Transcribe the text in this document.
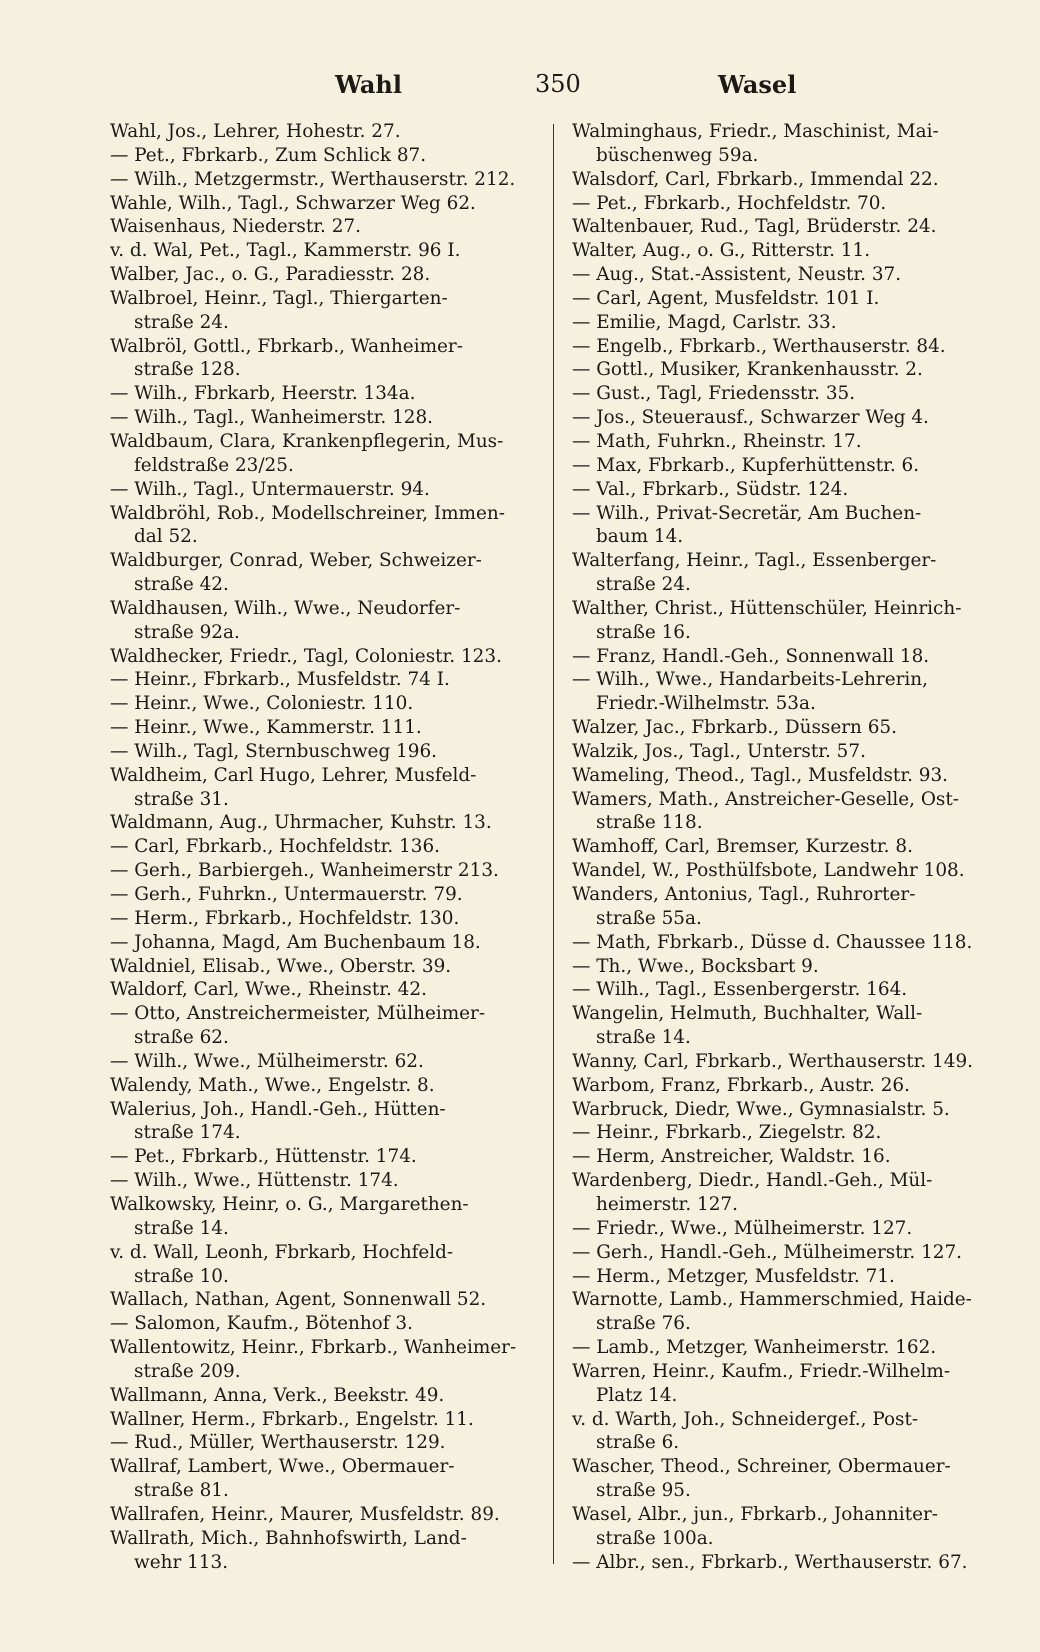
Wahl	350	Wasel
Wahl, Jos., Lehrer, Hohestr. 27.
— Pet., Fbrkarb., Zum Schlick 87.
— Wilh., Metzgermstr., Werthauserstr. 212.
Wahle, Wilh., Tagl., Schwarzer Weg 62.
Waisenhaus, Niederstr. 27.
v. d. Wal, Pet., Tagl., Kammerstr. 96 I.
Walber, Jac., o. G., Paradiesstr. 28.
Walbroel, Heinr., Tagl., Thiergarten-
straße 24.
Walbröl, Gottl., Fbrkarb., Wanheimer-
straße 128.
— Wilh., Fbrkarb, Heerstr. 134a.
— Wilh., Tagl., Wanheimerstr. 128.
Waldbaum, Clara, Krankenpflegerin, Mus-
feldstraße 23/25.
— Wilh., Tagl., Untermauerstr. 94.
Waldbröhl, Rob., Modellschreiner, Immen-
dal 52.
Waldburger, Conrad, Weber, Schweizer-
straße 42.
Waldhausen, Wilh., Wwe., Neudorfer-
straße 92a.
Waldhecker, Friedr., Tagl, Coloniestr. 123.
— Heinr., Fbrkarb., Musfeldstr. 74 I.
— Heinr., Wwe., Coloniestr. 110.
— Heinr., Wwe., Kammerstr. 111.
— Wilh., Tagl, Sternbuschweg 196.
Waldheim, Carl Hugo, Lehrer, Musfeld-
straße 31.
Waldmann, Aug., Uhrmacher, Kuhstr. 13.
— Carl, Fbrkarb., Hochfeldstr. 136.
— Gerh., Barbiergeh., Wanheimerstr 213.
— Gerh., Fuhrkn., Untermauerstr. 79.
— Herm., Fbrkarb., Hochfeldstr. 130.
— Johanna, Magd, Am Buchenbaum 18.
Waldniel, Elisab., Wwe., Oberstr. 39.
Waldorf, Carl, Wwe., Rheinstr. 42.
— Otto, Anstreichermeister, Mülheimer-
straße 62.
— Wilh., Wwe., Mülheimerstr. 62.
Walendy, Math., Wwe., Engelstr. 8.
Walerius, Joh., Handl.-Geh., Hütten-
straße 174.
— Pet., Fbrkarb., Hüttenstr. 174.
— Wilh., Wwe., Hüttenstr. 174.
Walkowsky, Heinr, o. G., Margarethen-
straße 14.
v. d. Wall, Leonh, Fbrkarb, Hochfeld-
straße 10.
Wallach, Nathan, Agent, Sonnenwall 52.
— Salomon, Kaufm., Bötenhof 3.
Wallentowitz, Heinr., Fbrkarb., Wanheimer-
straße 209.
Wallmann, Anna, Verk., Beekstr. 49.
Wallner, Herm., Fbrkarb., Engelstr. 11.
— Rud., Müller, Werthauserstr. 129.
Wallraf, Lambert, Wwe., Obermauer-
straße 81.
Wallrafen, Heinr., Maurer, Musfeldstr. 89.
Wallrath, Mich., Bahnhofswirth, Land-
wehr 113.
Walminghaus, Friedr., Maschinist, Mai-
büschenweg 59a.
Walsdorf, Carl, Fbrkarb., Immendal 22.
— Pet., Fbrkarb., Hochfeldstr. 70.
Waltenbauer, Rud., Tagl, Brüderstr. 24.
Walter, Aug., o. G., Ritterstr. 11.
— Aug., Stat.-Assistent, Neustr. 37.
— Carl, Agent, Musfeldstr. 101 I.
— Emilie, Magd, Carlstr. 33.
— Engelb., Fbrkarb., Werthauserstr. 84.
— Gottl., Musiker, Krankenhausstr. 2.
— Gust., Tagl, Friedensstr. 35.
— Jos., Steuerausf., Schwarzer Weg 4.
— Math, Fuhrkn., Rheinstr. 17.
— Max, Fbrkarb., Kupferhüttenstr. 6.
— Val., Fbrkarb., Südstr. 124.
— Wilh., Privat-Secretär, Am Buchen-
baum 14.
Walterfang, Heinr., Tagl., Essenberger-
straße 24.
Walther, Christ., Hüttenschüler, Heinrich-
straße 16.
— Franz, Handl.-Geh., Sonnenwall 18.
— Wilh., Wwe., Handarbeits-Lehrerin,
Friedr.-Wilhelmstr. 53a.
Walzer, Jac., Fbrkarb., Düssern 65.
Walzik, Jos., Tagl., Unterstr. 57.
Wameling, Theod., Tagl., Musfeldstr. 93.
Wamers, Math., Anstreicher-Geselle, Ost-
straße 118.
Wamhoff, Carl, Bremser, Kurzestr. 8.
Wandel, W., Posthülfsbote, Landwehr 108.
Wanders, Antonius, Tagl., Ruhrorter-
straße 55a.
— Math, Fbrkarb., Düsse d. Chaussee 118.
— Th., Wwe., Bocksbart 9.
— Wilh., Tagl., Essenbergerstr. 164.
Wangelin, Helmuth, Buchhalter, Wall-
straße 14.
Wanny, Carl, Fbrkarb., Werthauserstr. 149.
Warbom, Franz, Fbrkarb., Austr. 26.
Warbruck, Diedr, Wwe., Gymnasialstr. 5.
— Heinr., Fbrkarb., Ziegelstr. 82.
— Herm, Anstreicher, Waldstr. 16.
Wardenberg, Diedr., Handl.-Geh., Mül-
heimerstr. 127.
— Friedr., Wwe., Mülheimerstr. 127.
— Gerh., Handl.-Geh., Mülheimerstr. 127.
— Herm., Metzger, Musfeldstr. 71.
Warnotte, Lamb., Hammerschmied, Haide-
straße 76.
— Lamb., Metzger, Wanheimerstr. 162.
Warren, Heinr., Kaufm., Friedr.-Wilhelm-
Platz 14.
v. d. Warth, Joh., Schneidergef., Post-
straße 6.
Wascher, Theod., Schreiner, Obermauer-
straße 95.
Wasel, Albr., jun., Fbrkarb., Johanniter-
straße 100a.
— Albr., sen., Fbrkarb., Werthauserstr. 67.
